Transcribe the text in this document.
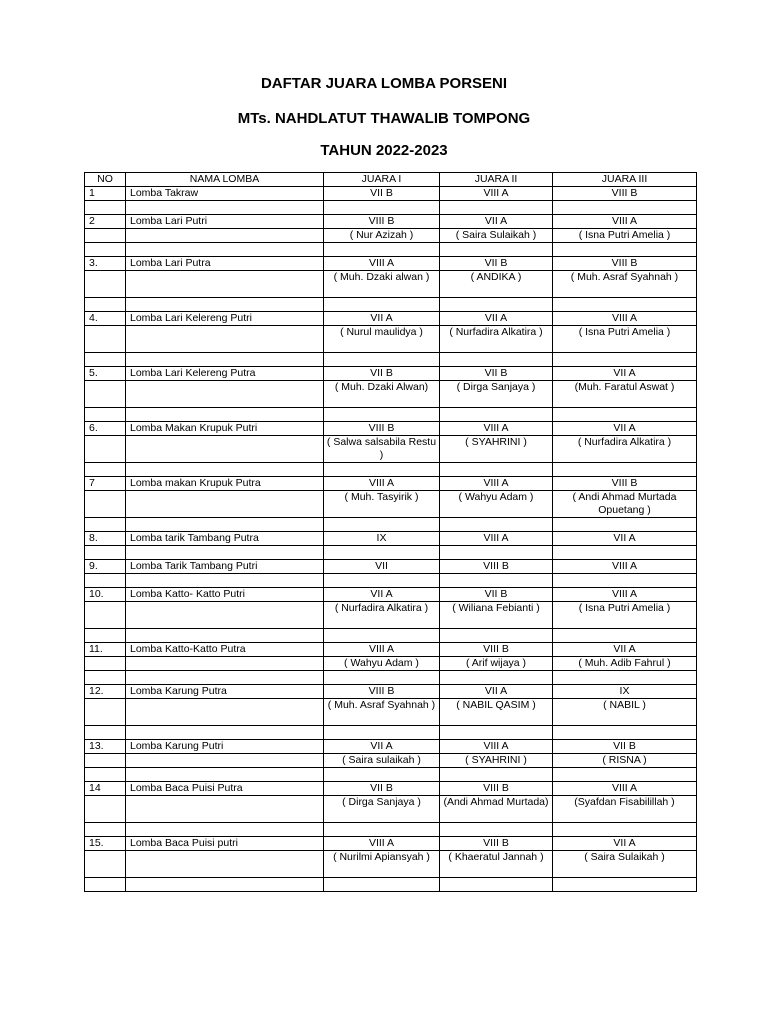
DAFTAR JUARA LOMBA PORSENI
MTs. NAHDLATUT THAWALIB TOMPONG
TAHUN 2022-2023
NO	NAMA LOMBA	JUARA I	JUARA II	JUARA III
1	Lomba Takraw	VII B	VIII A	VIII B

2	Lomba Lari Putri	VIII B	VII A	VIII A
		( Nur Azizah )	( Saira Sulaikah )	( Isna Putri Amelia )

3.	Lomba Lari Putra	VIII A	VII B	VIII B
		( Muh. Dzaki alwan )	( ANDIKA )	( Muh. Asraf Syahnah )

4.	Lomba Lari Kelereng Putri	VII A	VII A	VIII A
		( Nurul maulidya )	( Nurfadira Alkatira )	( Isna Putri Amelia )

5.	Lomba Lari Kelereng Putra	VII B	VII B	VII A
		( Muh. Dzaki Alwan)	( Dirga Sanjaya )	(Muh. Faratul Aswat )

6.	Lomba Makan Krupuk Putri	VIII B	VIII A	VII A
		( Salwa salsabila Restu )	( SYAHRINI )	( Nurfadira Alkatira )

7	Lomba makan Krupuk Putra	VIII A	VIII A	VIII B
		( Muh. Tasyirik )	( Wahyu Adam )	( Andi Ahmad Murtada Opuetang )

8.	Lomba tarik Tambang Putra	IX	VIII A	VII A

9.	Lomba Tarik Tambang Putri	VII	VIII B	VIII A

10.	Lomba Katto- Katto Putri	VII A	VII B	VIII A
		( Nurfadira Alkatira )	( Wiliana Febianti )	( Isna Putri Amelia )

11.	Lomba Katto-Katto Putra	VIII A	VIII B	VII A
		( Wahyu Adam )	( Arif wijaya )	( Muh. Adib Fahrul )

12.	Lomba Karung Putra	VIII B	VII A	IX
		( Muh. Asraf Syahnah )	( NABIL QASIM )	( NABIL )

13.	Lomba Karung Putri	VII A	VIII A	VII B
		( Saira sulaikah )	( SYAHRINI )	( RISNA )

14	Lomba Baca Puisi Putra	VII B	VIII B	VIII A
		( Dirga Sanjaya )	(Andi Ahmad Murtada)	(Syafdan Fisabilillah )

15.	Lomba Baca Puisi putri	VIII A	VIII B	VII A
		( Nurilmi Apiansyah )	( Khaeratul Jannah )	( Saira Sulaikah )
